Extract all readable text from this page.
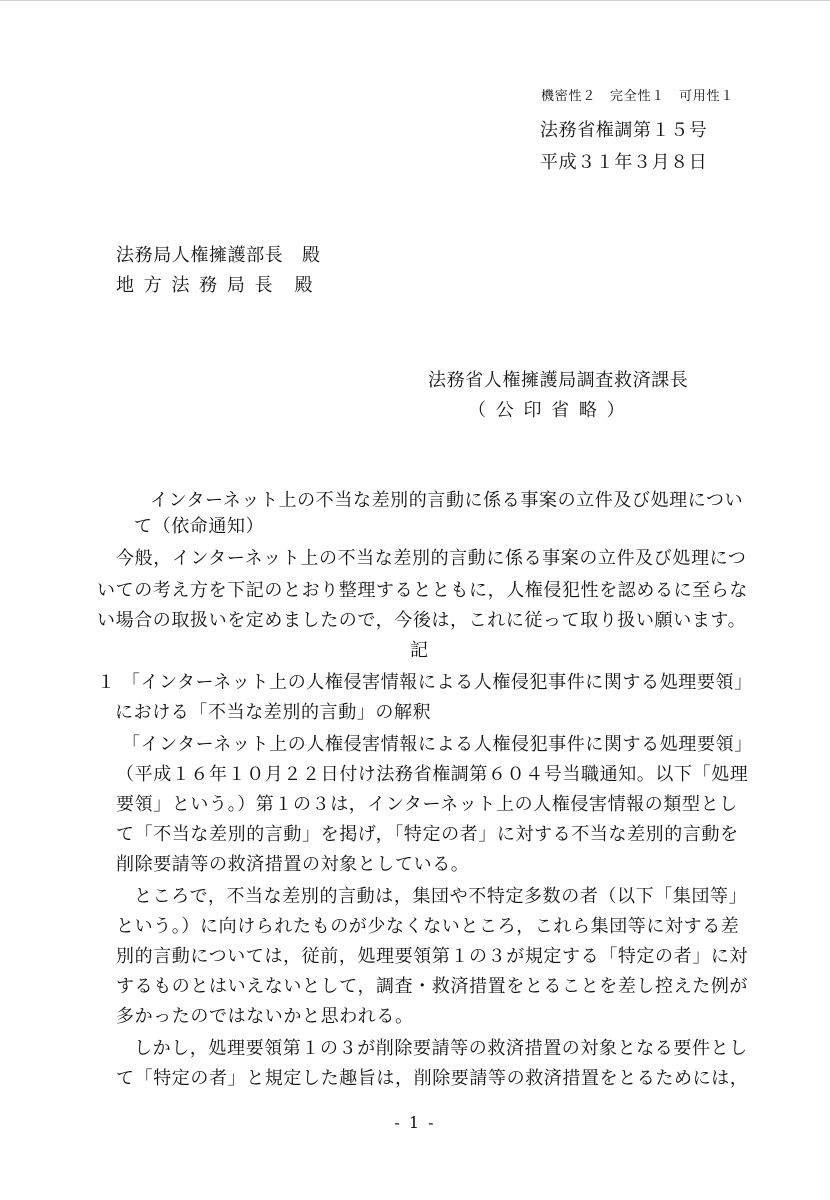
機密性２　完全性１　可用性１
法務省権調第１５号
平成３１年３月８日
法務局人権擁護部長　殿
地 方 法 務 局 長　殿
法務省人権擁護局調査救済課長
（ 公 印 省 略 ）
インターネット上の不当な差別的言動に係る事案の立件及び処理につい
て（依命通知）
今般，インターネット上の不当な差別的言動に係る事案の立件及び処理につ
いての考え方を下記のとおり整理するとともに，人権侵犯性を認めるに至らな
い場合の取扱いを定めましたので，今後は，これに従って取り扱い願います。
記
１ 「インターネット上の人権侵害情報による人権侵犯事件に関する処理要領」
における「不当な差別的言動」の解釈
「インターネット上の人権侵害情報による人権侵犯事件に関する処理要領」
（平成１６年１０月２２日付け法務省権調第６０４号当職通知。以下「処理
要領」という。）第１の３は，インターネット上の人権侵害情報の類型とし
て「不当な差別的言動」を掲げ，「特定の者」に対する不当な差別的言動を
削除要請等の救済措置の対象としている。
ところで，不当な差別的言動は，集団や不特定多数の者（以下「集団等」
という。）に向けられたものが少なくないところ，これら集団等に対する差
別的言動については，従前，処理要領第１の３が規定する「特定の者」に対
するものとはいえないとして，調査・救済措置をとることを差し控えた例が
多かったのではないかと思われる。
しかし，処理要領第１の３が削除要請等の救済措置の対象となる要件とし
て「特定の者」と規定した趣旨は，削除要請等の救済措置をとるためには，
- 1 -
